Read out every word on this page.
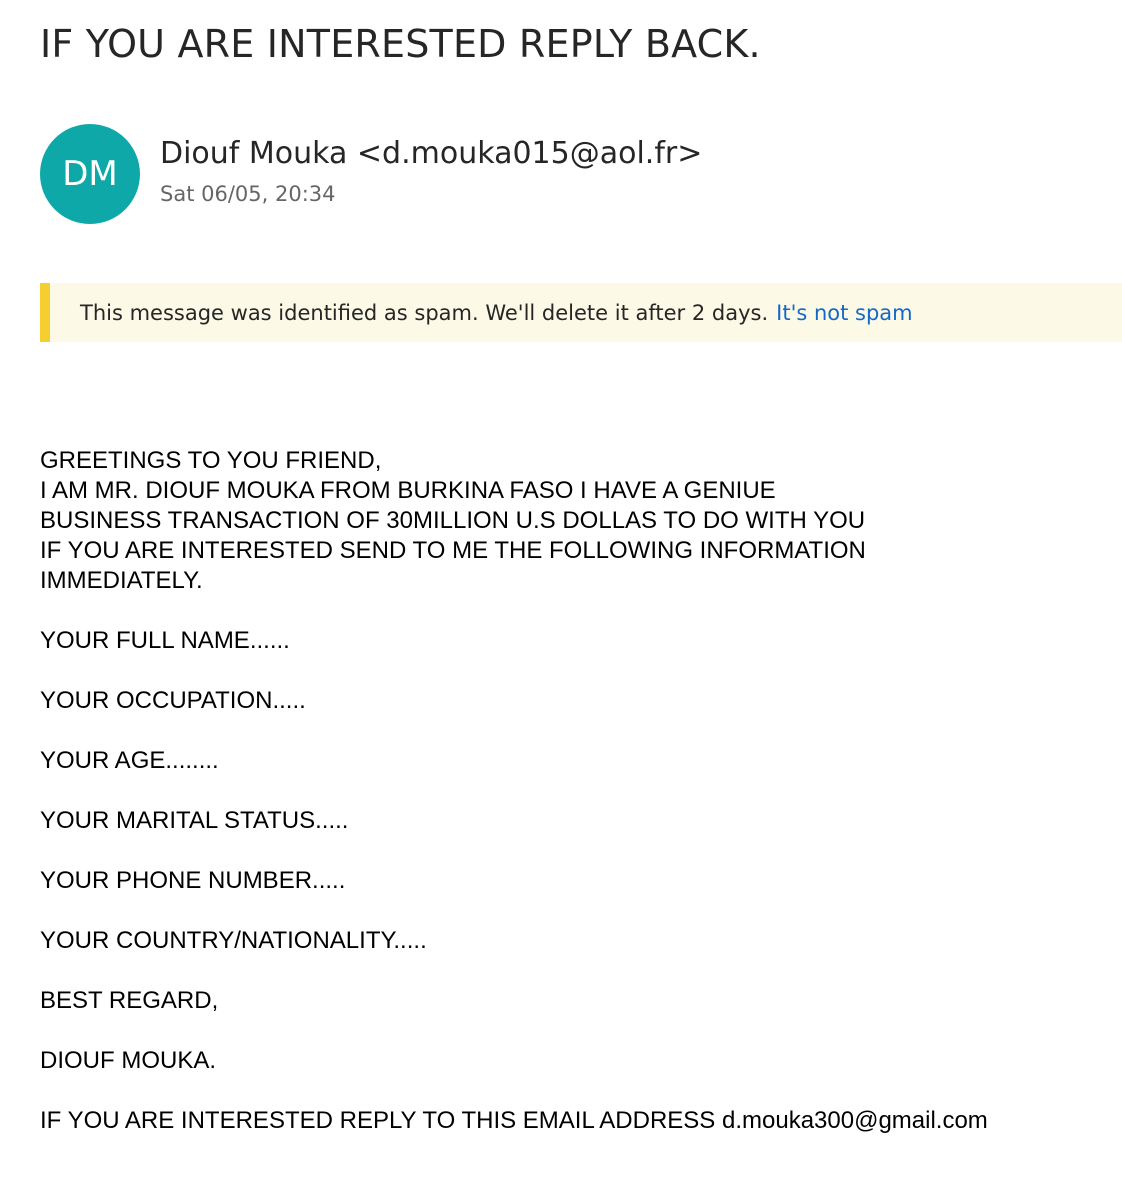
IF YOU ARE INTERESTED REPLY BACK.
DM
Diouf Mouka <d.mouka015@aol.fr>
Sat 06/05, 20:34
This message was identified as spam. We'll delete it after 2 days. It's not spam
GREETINGS TO YOU FRIEND,
I AM MR. DIOUF MOUKA FROM BURKINA FASO I HAVE A GENIUE
BUSINESS TRANSACTION OF 30MILLION U.S DOLLAS TO DO WITH YOU
IF YOU ARE INTERESTED SEND TO ME THE FOLLOWING INFORMATION
IMMEDIATELY.
YOUR FULL NAME......
YOUR OCCUPATION.....
YOUR AGE........
YOUR MARITAL STATUS.....
YOUR PHONE NUMBER.....
YOUR COUNTRY/NATIONALITY.....
BEST REGARD,
DIOUF MOUKA.
IF YOU ARE INTERESTED REPLY TO THIS EMAIL ADDRESS d.mouka300@gmail.com
